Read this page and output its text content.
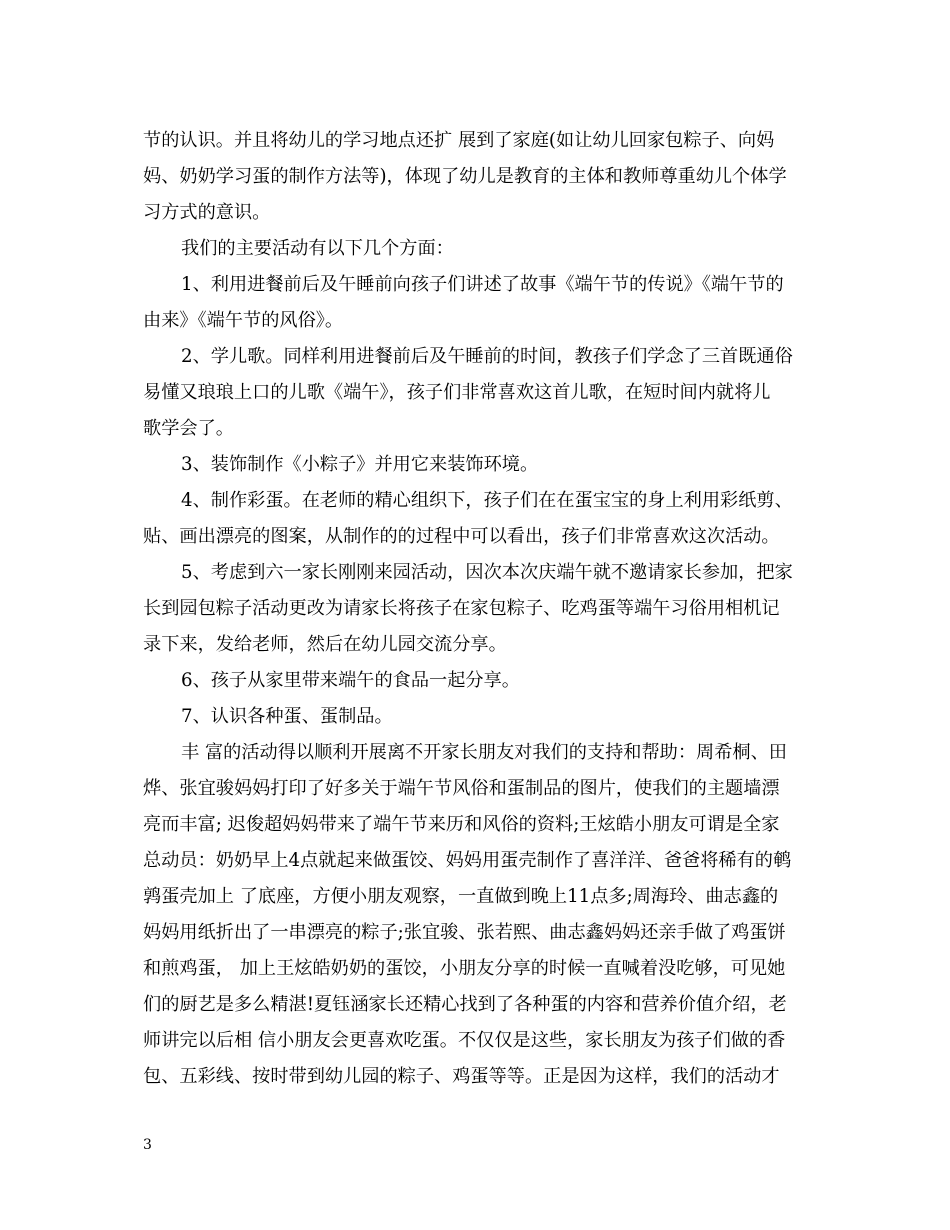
节的认识。并且将幼儿的学习地点还扩 展到了家庭(如让幼儿回家包粽子、向妈
妈、奶奶学习蛋的制作方法等)，体现了幼儿是教育的主体和教师尊重幼儿个体学
习方式的意识。
我们的主要活动有以下几个方面：
1、利用进餐前后及午睡前向孩子们讲述了故事《端午节的传说》《端午节的
由来》《端午节的风俗》。
2、学儿歌。同样利用进餐前后及午睡前的时间，教孩子们学念了三首既通俗
易懂又琅琅上口的儿歌《端午》，孩子们非常喜欢这首儿歌，在短时间内就将儿
歌学会了。
3、装饰制作《小粽子》并用它来装饰环境。
4、制作彩蛋。在老师的精心组织下，孩子们在在蛋宝宝的身上利用彩纸剪、
贴、画出漂亮的图案，从制作的的过程中可以看出，孩子们非常喜欢这次活动。
5、考虑到六一家长刚刚来园活动，因次本次庆端午就不邀请家长参加，把家
长到园包粽子活动更改为请家长将孩子在家包粽子、吃鸡蛋等端午习俗用相机记
录下来，发给老师，然后在幼儿园交流分享。
6、孩子从家里带来端午的食品一起分享。
7、认识各种蛋、蛋制品。
丰 富的活动得以顺利开展离不开家长朋友对我们的支持和帮助：周希桐、田
烨、张宜骏妈妈打印了好多关于端午节风俗和蛋制品的图片，使我们的主题墙漂
亮而丰富; 迟俊超妈妈带来了端午节来历和风俗的资料;王炫皓小朋友可谓是全家
总动员：奶奶早上4点就起来做蛋饺、妈妈用蛋壳制作了喜洋洋、爸爸将稀有的鹌
鹑蛋壳加上 了底座，方便小朋友观察，一直做到晚上11点多;周海玲、曲志鑫的
妈妈用纸折出了一串漂亮的粽子;张宜骏、张若熙、曲志鑫妈妈还亲手做了鸡蛋饼
和煎鸡蛋， 加上王炫皓奶奶的蛋饺，小朋友分享的时候一直喊着没吃够，可见她
们的厨艺是多么精湛!夏钰涵家长还精心找到了各种蛋的内容和营养价值介绍，老
师讲完以后相 信小朋友会更喜欢吃蛋。不仅仅是这些，家长朋友为孩子们做的香
包、五彩线、按时带到幼儿园的粽子、鸡蛋等等。正是因为这样，我们的活动才
3
